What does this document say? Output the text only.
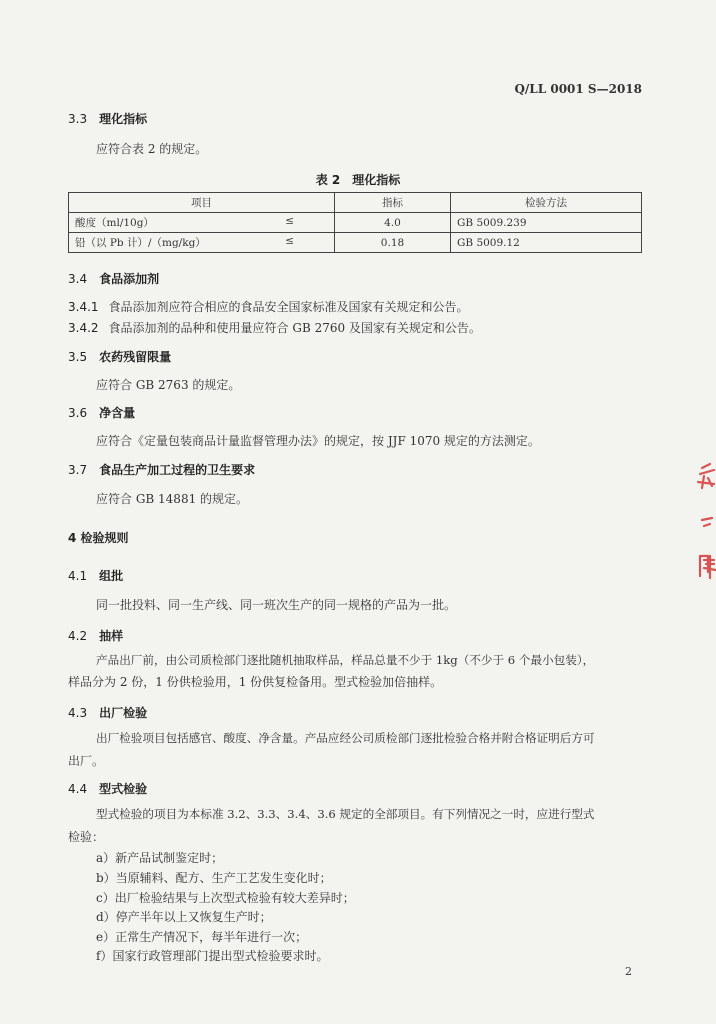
Q/LL 0001 S—2018
3.3 理化指标
应符合表 2 的规定。
表 2　理化指标
项目	指标	检验方法
酸度（ml/10g） ≤	4.0	GB 5009.239
铅（以 Pb 计）/（mg/kg） ≤	0.18	GB 5009.12
3.4 食品添加剂
3.4.1 食品添加剂应符合相应的食品安全国家标准及国家有关规定和公告。
3.4.2 食品添加剂的品种和使用量应符合 GB 2760 及国家有关规定和公告。
3.5 农药残留限量
应符合 GB 2763 的规定。
3.6 净含量
应符合《定量包装商品计量监督管理办法》的规定，按 JJF 1070 规定的方法测定。
3.7 食品生产加工过程的卫生要求
应符合 GB 14881 的规定。
4 检验规则
4.1 组批
同一批投料、同一生产线、同一班次生产的同一规格的产品为一批。
4.2 抽样
产品出厂前，由公司质检部门逐批随机抽取样品，样品总量不少于 1kg（不少于 6 个最小包装），
样品分为 2 份，1 份供检验用，1 份供复检备用。型式检验加倍抽样。
4.3 出厂检验
出厂检验项目包括感官、酸度、净含量。产品应经公司质检部门逐批检验合格并附合格证明后方可
出厂。
4.4 型式检验
型式检验的项目为本标准 3.2、3.3、3.4、3.6 规定的全部项目。有下列情况之一时，应进行型式
检验：
a）新产品试制鉴定时；
b）当原辅料、配方、生产工艺发生变化时；
c）出厂检验结果与上次型式检验有较大差异时；
d）停产半年以上又恢复生产时；
e）正常生产情况下，每半年进行一次；
f）国家行政管理部门提出型式检验要求时。
2
